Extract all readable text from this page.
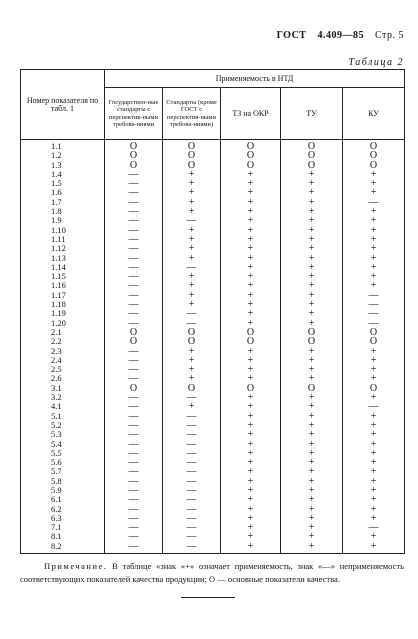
ГОСТ 4.409—85 Стр. 5
Таблица 2
Номер показателя по табл. 1	Применяемость в НТД				
	Государствен-ные стандарты с перспектив-ными требова-ниями	Стандарты (кроме ГОСТ с перспектив-ными требова-ниями)	ТЗ на ОКР	ТУ	КУ
1.1	O	O	O	O	O
1.2	O	O	O	O	O
1.3	O	O	O	O	O
1.4	—	+	+	+	+
1.5	—	+	+	+	+
1.6	—	+	+	+	+
1.7	—	+	+	+	—
1.8	—	+	+	+	+
1.9	—	—	+	+	+
1.10	—	+	+	+	+
1.11	—	+	+	+	+
1.12	—	+	+	+	+
1.13	—	+	+	+	+
1.14	—	—	+	+	+
1.15	—	+	+	+	+
1.16	—	+	+	+	+
1.17	—	+	+	+	—
1.18	—	+	+	+	—
1.19	—	—	+	+	—
1.20	—	—	+	+	—
2.1	O	O	O	O	O
2.2	O	O	O	O	O
2.3	—	+	+	+	+
2.4	—	+	+	+	+
2.5	—	+	+	+	+
2.6	—	+	+	+	+
3.1	O	O	O	O	O
3.2	—	—	+	+	+
4.1	—	+	+	+	—
5.1	—	—	+	+	+
5.2	—	—	+	+	+
5.3	—	—	+	+	+
5.4	—	—	+	+	+
5.5	—	—	+	+	+
5.6	—	—	+	+	+
5.7	—	—	+	+	+
5.8	—	—	+	+	+
5.9	—	—	+	+	+
6.1	—	—	+	+	+
6.2	—	—	+	+	+
6.3	—	—	+	+	+
7.1	—	—	+	+	—
8.1	—	—	+	+	+
8.2	—	—	+	+	+
Примечание. В таблице «знак «+» означает применяемость, знак «—» неприменяемость соответствующих показателей качества продукции; О — основные показатели качества.
